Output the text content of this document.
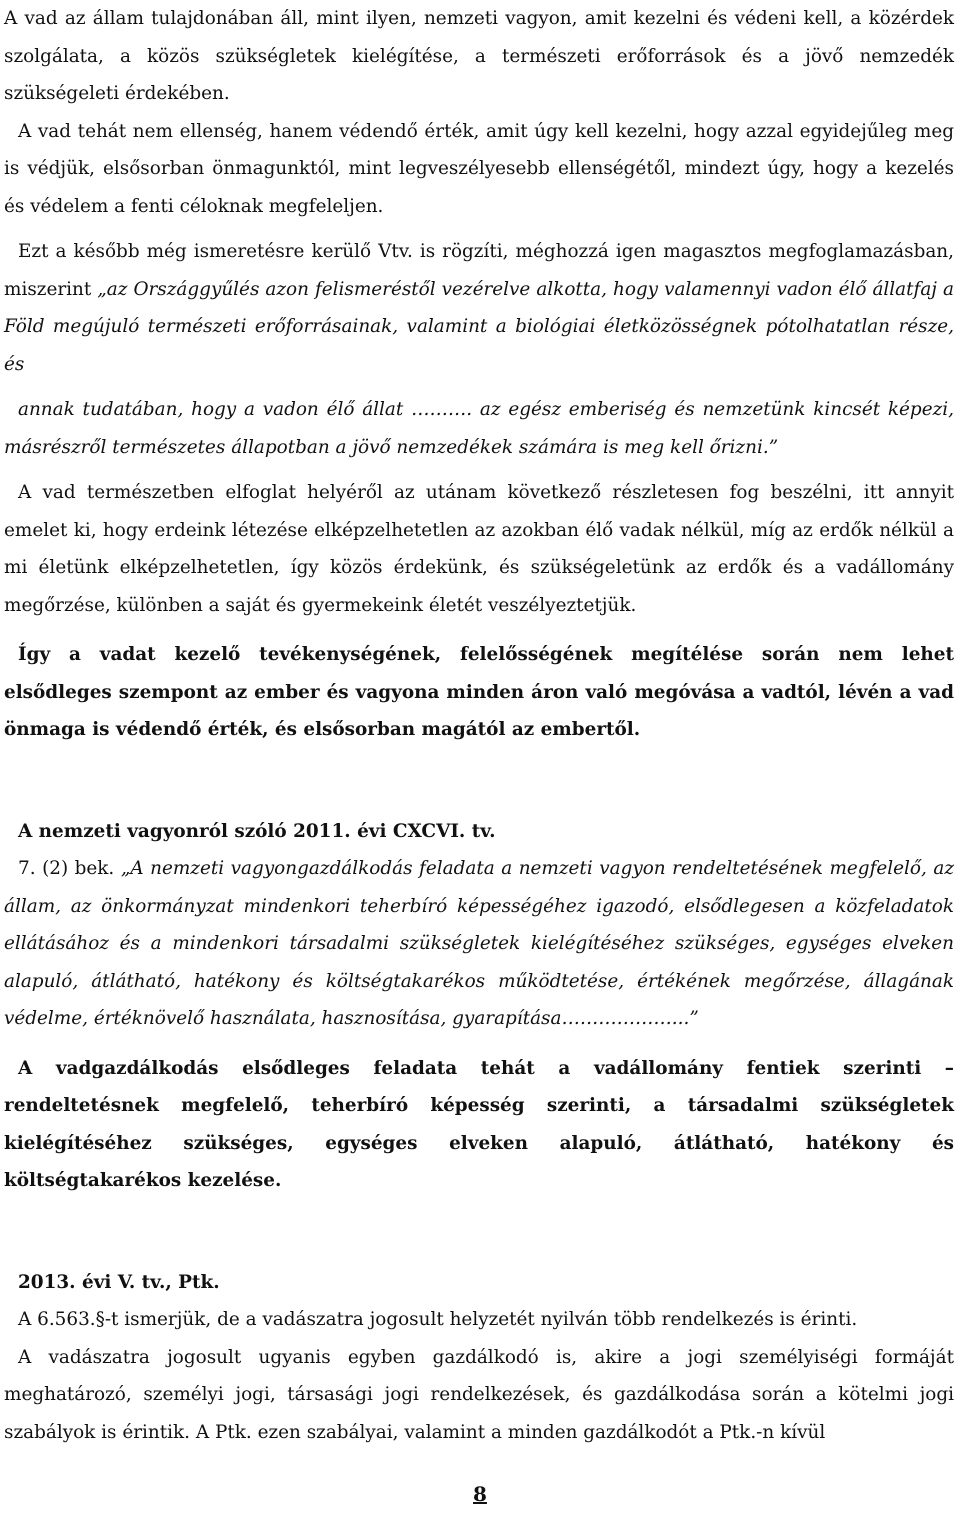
A vad az állam tulajdonában áll, mint ilyen, nemzeti vagyon, amit kezelni és védeni kell, a közérdek szolgálata, a közös szükségletek kielégítése, a természeti erőforrások és a jövő nemzedék szükségeleti érdekében.

A vad tehát nem ellenség, hanem védendő érték, amit úgy kell kezelni, hogy azzal egyidejűleg meg is védjük, elsősorban önmagunktól, mint legveszélyesebb ellenségétől, mindezt úgy, hogy a kezelés és védelem a fenti céloknak megfeleljen.

Ezt a később még ismeretésre kerülő Vtv. is rögzíti, méghozzá igen magasztos megfoglamazásban, miszerint „az Országgyűlés azon felismeréstől vezérelve alkotta, hogy valamennyi vadon élő állatfaj a Föld megújuló természeti erőforrásainak, valamint a biológiai életközösségnek pótolhatatlan része, és

annak tudatában, hogy a vadon élő állat ………. az egész emberiség és nemzetünk kincsét képezi, másrészről természetes állapotban a jövő nemzedékek számára is meg kell őrizni.”

A vad természetben elfoglat helyéről az utánam következő részletesen fog beszélni, itt annyit emelet ki, hogy erdeink létezése elképzelhetetlen az azokban élő vadak nélkül, míg az erdők nélkül a mi életünk elképzelhetetlen, így közös érdekünk, és szükségeletünk az erdők és a vadállomány megőrzése, különben a saját és gyermekeink életét veszélyeztetjük.

Így a vadat kezelő tevékenységének, felelősségének megítélése során nem lehet elsődleges szempont az ember és vagyona minden áron való megóvása a vadtól, lévén a vad önmaga is védendő érték, és elsősorban magától az embertől.

A nemzeti vagyonról szóló 2011. évi CXCVI. tv.

7. (2) bek. „A nemzeti vagyongazdálkodás feladata a nemzeti vagyon rendeltetésének megfelelő, az állam, az önkormányzat mindenkori teherbíró képességéhez igazodó, elsődlegesen a közfeladatok ellátásához és a mindenkori társadalmi szükségletek kielégítéséhez szükséges, egységes elveken alapuló, átlátható, hatékony és költségtakarékos működtetése, értékének megőrzése, állagának védelme, értéknövelő használata, hasznosítása, gyarapítása………………...”

A vadgazdálkodás elsődleges feladata tehát a vadállomány fentiek szerinti – rendeltetésnek megfelelő, teherbíró képesség szerinti, a társadalmi szükségletek kielégítéséhez szükséges, egységes elveken alapuló, átlátható, hatékony és költségtakarékos kezelése.

2013. évi V. tv., Ptk.

A 6.563.§-t ismerjük, de a vadászatra jogosult helyzetét nyilván több rendelkezés is érinti.

A vadászatra jogosult ugyanis egyben gazdálkodó is, akire a jogi személyiségi formáját meghatározó, személyi jogi, társasági jogi rendelkezések, és gazdálkodása során a kötelmi jogi szabályok is érintik. A Ptk. ezen szabályai, valamint a minden gazdálkodót a Ptk.-n kívül

8
